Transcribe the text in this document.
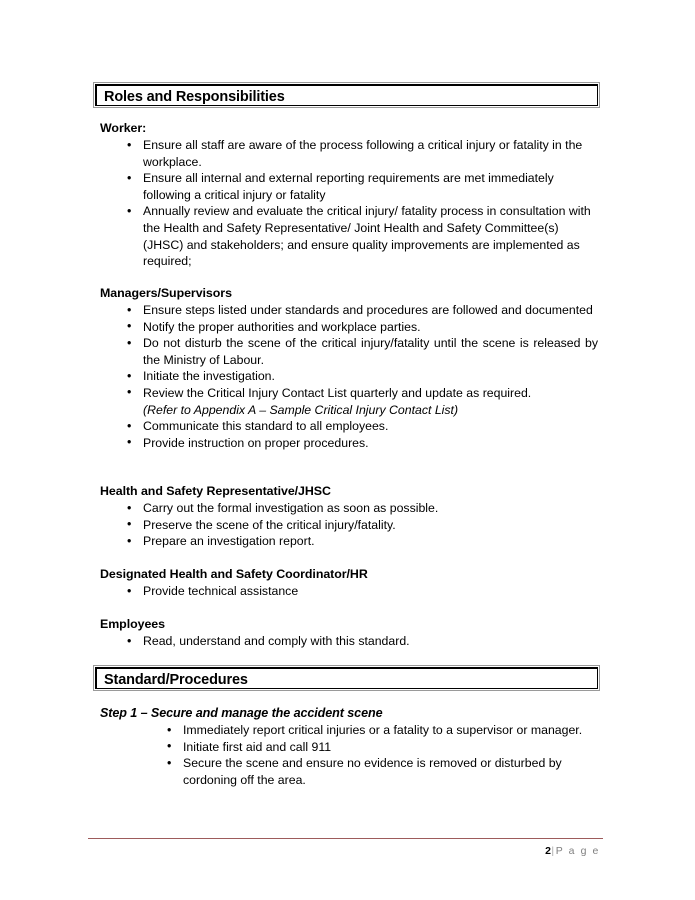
Roles and Responsibilities

Worker:

• Ensure all staff are aware of the process following a critical injury or fatality in the workplace.
• Ensure all internal and external reporting requirements are met immediately following a critical injury or fatality
• Annually review and evaluate the critical injury/ fatality process in consultation with the Health and Safety Representative/ Joint Health and Safety Committee(s) (JHSC) and stakeholders; and ensure quality improvements are implemented as required;

Managers/Supervisors

• Ensure steps listed under standards and procedures are followed and documented
• Notify the proper authorities and workplace parties.
• Do not disturb the scene of the critical injury/fatality until the scene is released by the Ministry of Labour.
• Initiate the investigation.
• Review the Critical Injury Contact List quarterly and update as required.
(Refer to Appendix A – Sample Critical Injury Contact List)
• Communicate this standard to all employees.
• Provide instruction on proper procedures.

Health and Safety Representative/JHSC

• Carry out the formal investigation as soon as possible.
• Preserve the scene of the critical injury/fatality.
• Prepare an investigation report.

Designated Health and Safety Coordinator/HR

• Provide technical assistance

Employees

• Read, understand and comply with this standard.
Standard/Procedures

Step 1 – Secure and manage the accident scene

• Immediately report critical injuries or a fatality to a supervisor or manager.
• Initiate first aid and call 911
• Secure the scene and ensure no evidence is removed or disturbed by cordoning off the area.
2|P a g e
